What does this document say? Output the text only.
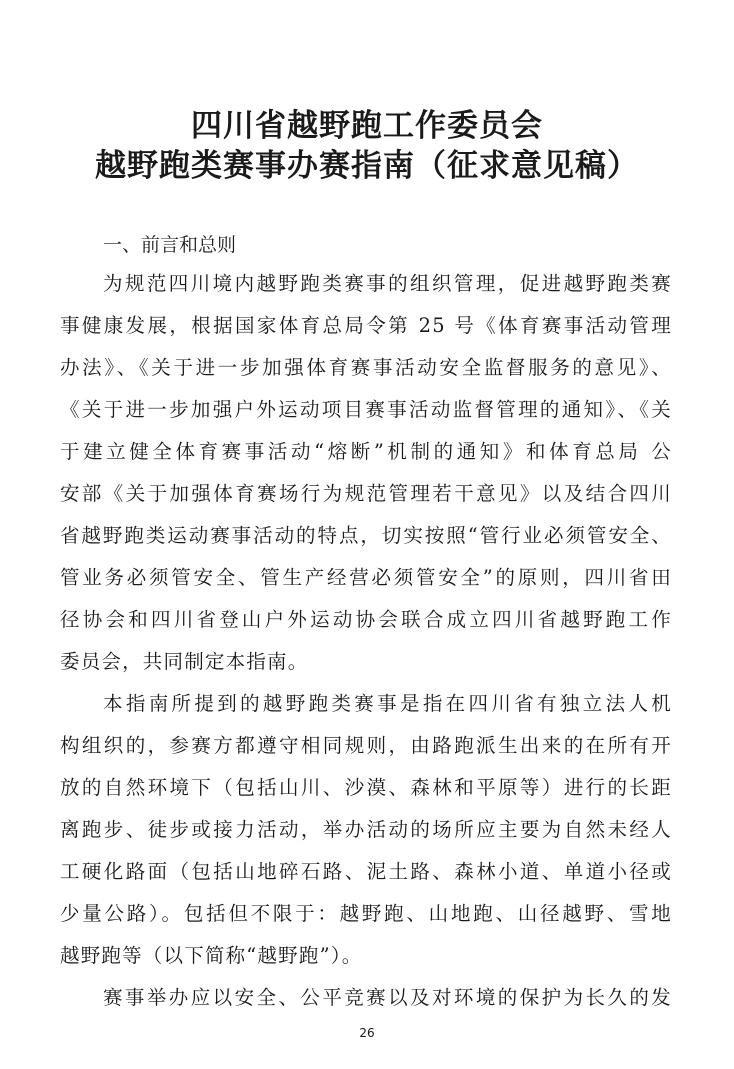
四川省越野跑工作委员会
越野跑类赛事办赛指南（征求意见稿）
一、前言和总则
为规范四川境内越野跑类赛事的组织管理，促进越野跑类赛
事健康发展，根据国家体育总局令第 25 号《体育赛事活动管理
办法》、《关于进一步加强体育赛事活动安全监督服务的意见》、
《关于进一步加强户外运动项目赛事活动监督管理的通知》、《关
于建立健全体育赛事活动“熔断”机制的通知》和体育总局 公
安部《关于加强体育赛场行为规范管理若干意见》以及结合四川
省越野跑类运动赛事活动的特点，切实按照“管行业必须管安全、
管业务必须管安全、管生产经营必须管安全”的原则，四川省田
径协会和四川省登山户外运动协会联合成立四川省越野跑工作
委员会，共同制定本指南。
本指南所提到的越野跑类赛事是指在四川省有独立法人机
构组织的，参赛方都遵守相同规则，由路跑派生出来的在所有开
放的自然环境下（包括山川、沙漠、森林和平原等）进行的长距
离跑步、徒步或接力活动，举办活动的场所应主要为自然未经人
工硬化路面（包括山地碎石路、泥土路、森林小道、单道小径或
少量公路）。包括但不限于：越野跑、山地跑、山径越野、雪地
越野跑等（以下简称“越野跑”）。
赛事举办应以安全、公平竞赛以及对环境的保护为长久的发
26
